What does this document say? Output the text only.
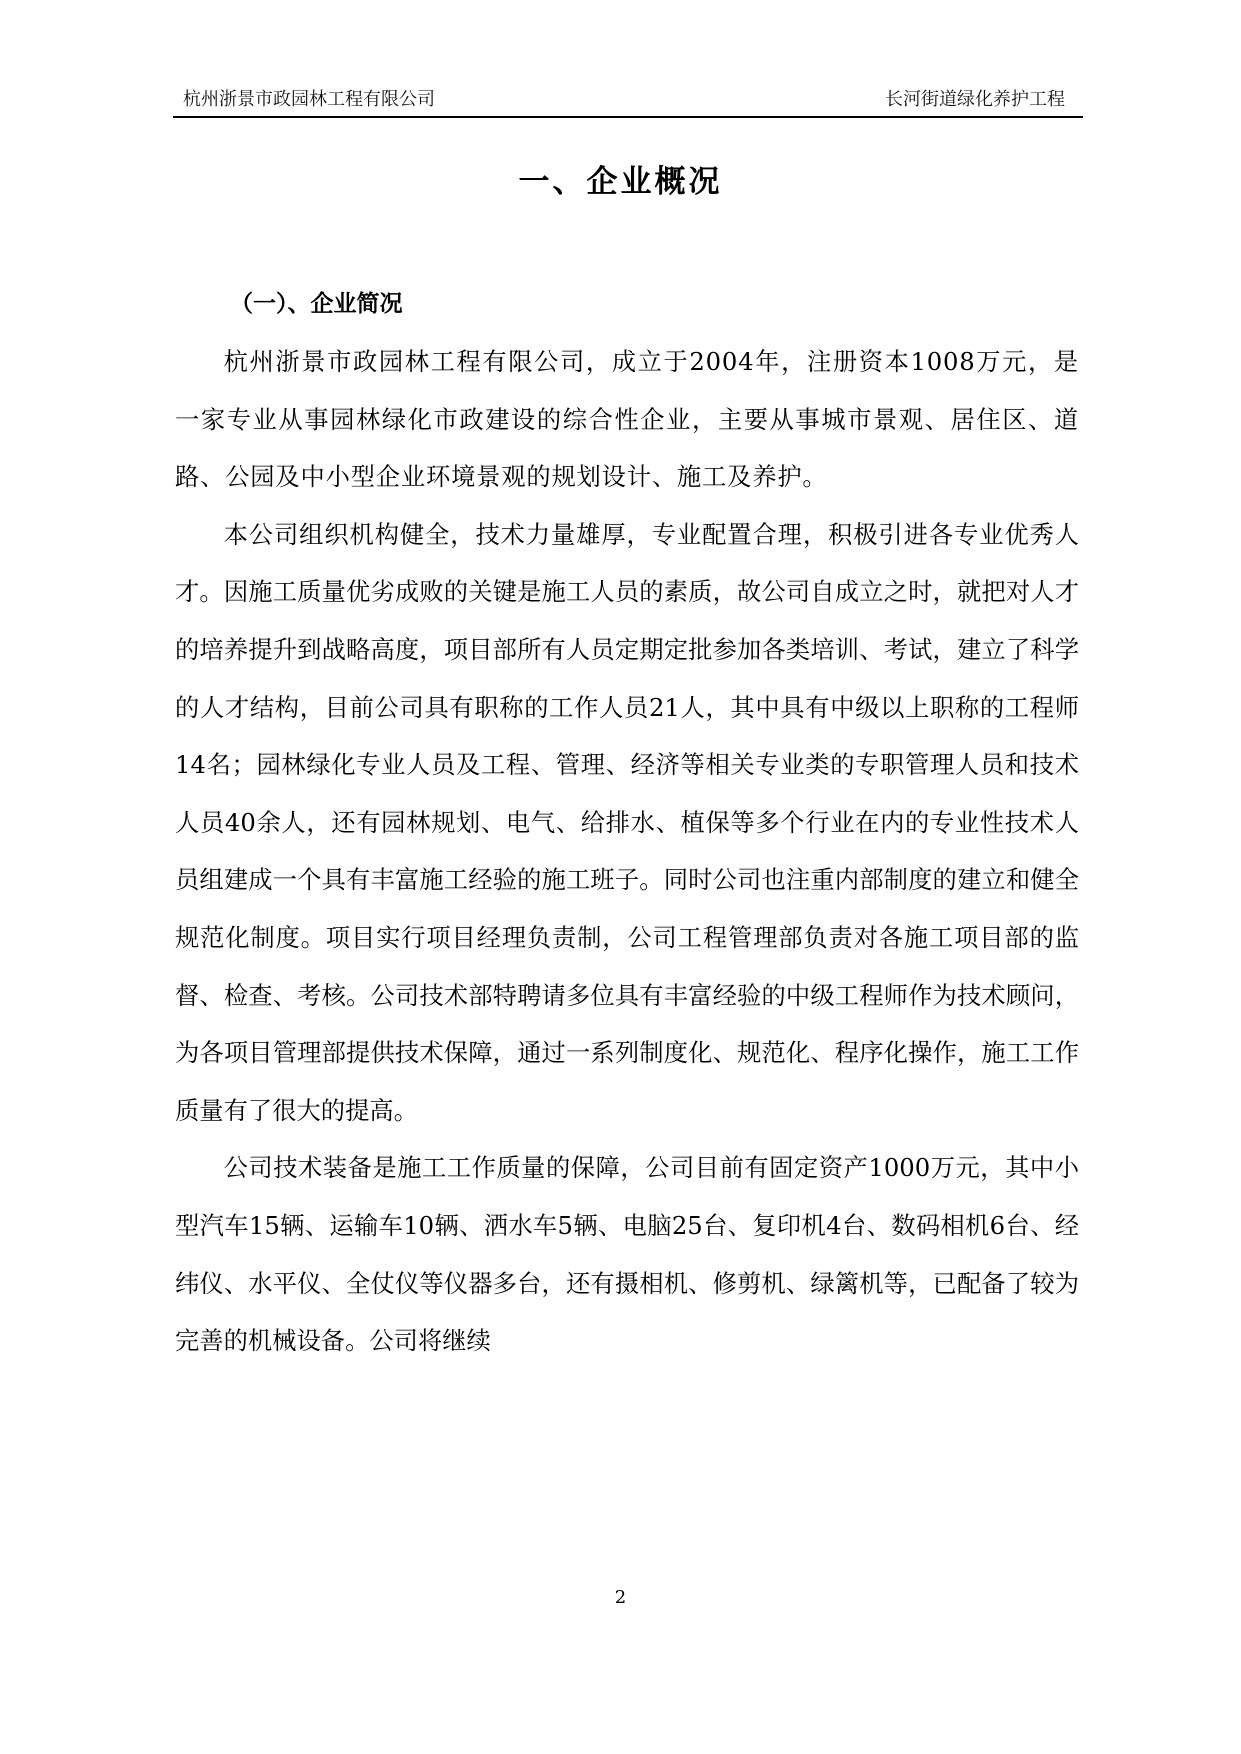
杭州浙景市政园林工程有限公司	长河街道绿化养护工程
一、企业概况
（一）、企业简况

杭州浙景市政园林工程有限公司，成立于2004年，注册资本1008万元，是一家专业从事园林绿化市政建设的综合性企业，主要从事城市景观、居住区、道路、公园及中小型企业环境景观的规划设计、施工及养护。

本公司组织机构健全，技术力量雄厚，专业配置合理，积极引进各专业优秀人才。因施工质量优劣成败的关键是施工人员的素质，故公司自成立之时，就把对人才的培养提升到战略高度，项目部所有人员定期定批参加各类培训、考试，建立了科学的人才结构，目前公司具有职称的工作人员21人，其中具有中级以上职称的工程师14名；园林绿化专业人员及工程、管理、经济等相关专业类的专职管理人员和技术人员40余人，还有园林规划、电气、给排水、植保等多个行业在内的专业性技术人员组建成一个具有丰富施工经验的施工班子。同时公司也注重内部制度的建立和健全规范化制度。项目实行项目经理负责制，公司工程管理部负责对各施工项目部的监督、检查、考核。公司技术部特聘请多位具有丰富经验的中级工程师作为技术顾问，为各项目管理部提供技术保障，通过一系列制度化、规范化、程序化操作，施工工作质量有了很大的提高。

公司技术装备是施工工作质量的保障，公司目前有固定资产1000万元，其中小型汽车15辆、运输车10辆、洒水车5辆、电脑25台、复印机4台、数码相机6台、经纬仪、水平仪、全仗仪等仪器多台，还有摄相机、修剪机、绿篱机等，已配备了较为完善的机械设备。公司将继续

2
